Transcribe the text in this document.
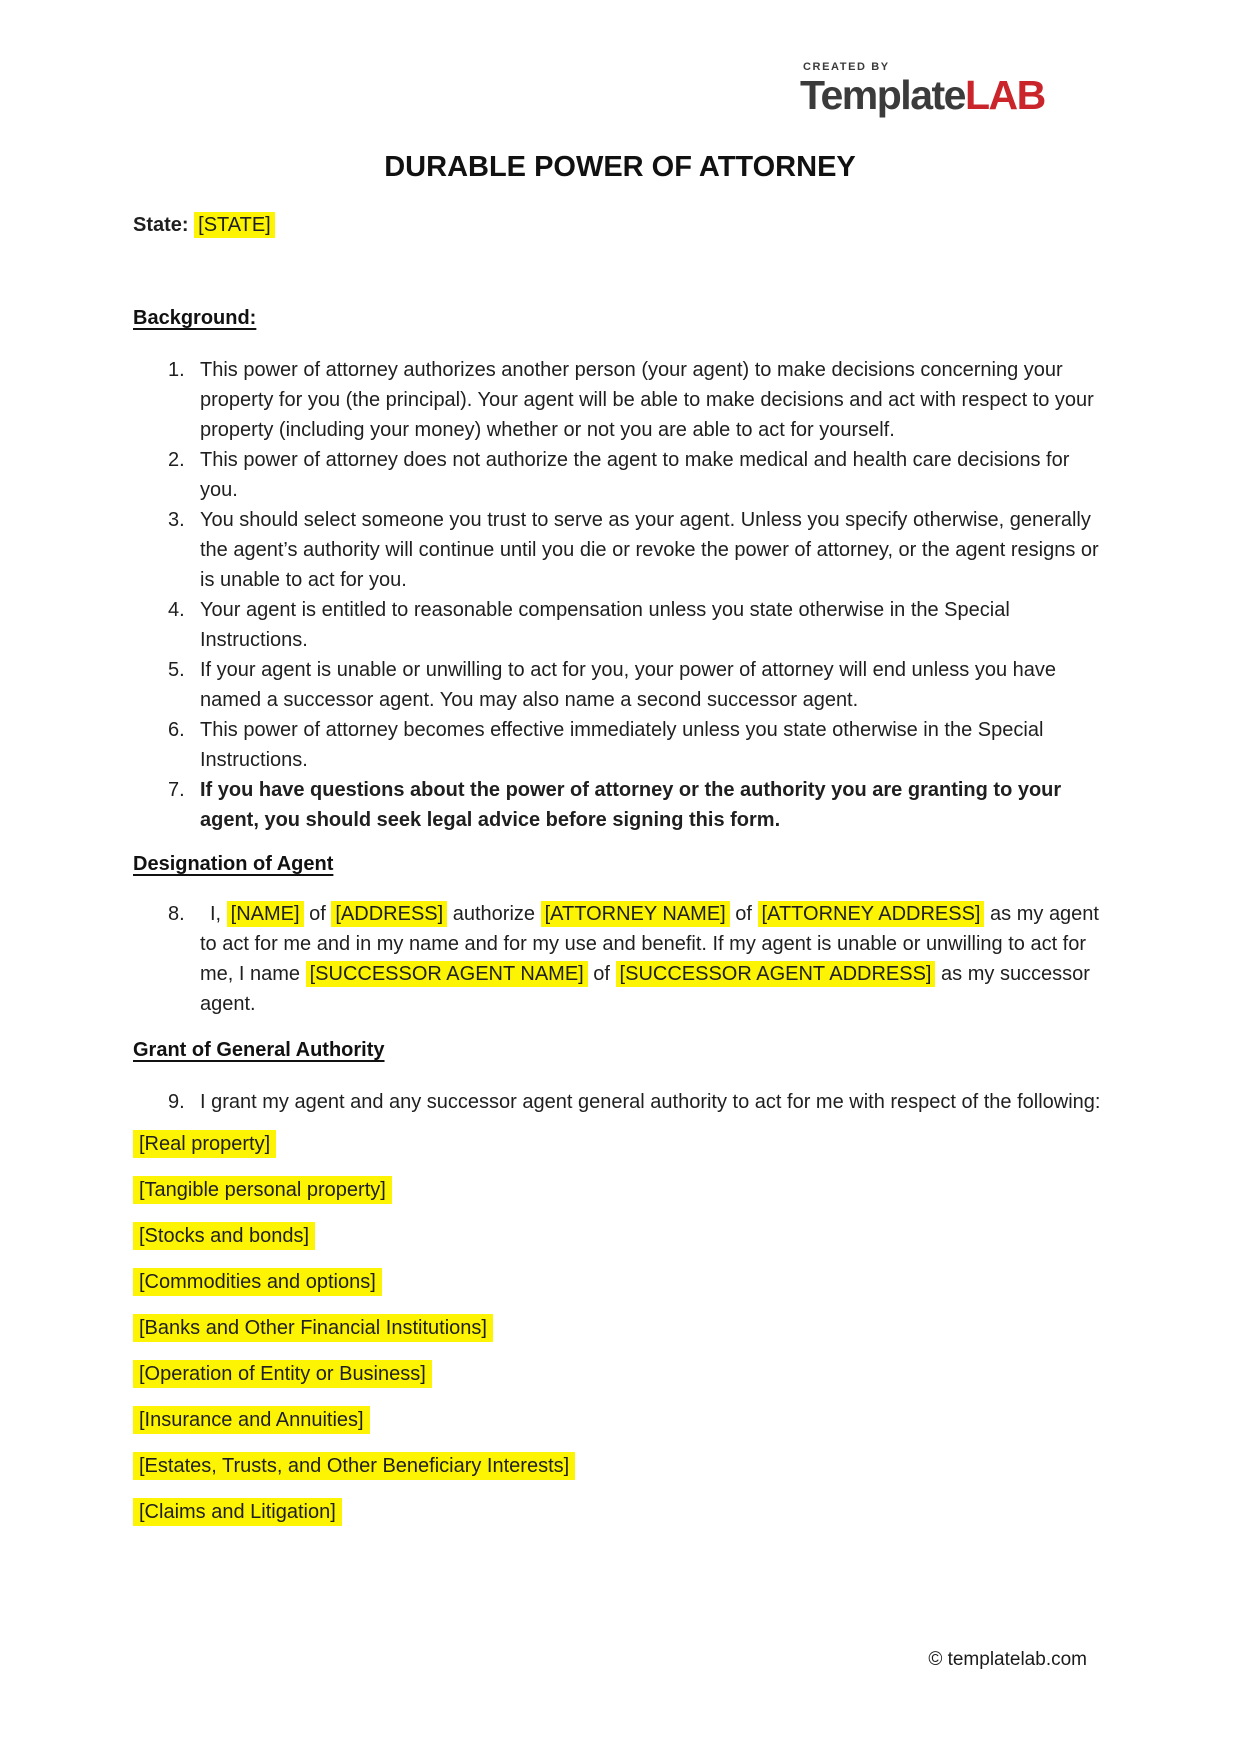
CREATED BY
TemplateLAB
DURABLE POWER OF ATTORNEY
State: [STATE]
Background:
1. This power of attorney authorizes another person (your agent) to make decisions concerning your property for you (the principal). Your agent will be able to make decisions and act with respect to your property (including your money) whether or not you are able to act for yourself.
2. This power of attorney does not authorize the agent to make medical and health care decisions for you.
3. You should select someone you trust to serve as your agent. Unless you specify otherwise, generally the agent’s authority will continue until you die or revoke the power of attorney, or the agent resigns or is unable to act for you.
4. Your agent is entitled to reasonable compensation unless you state otherwise in the Special Instructions.
5. If your agent is unable or unwilling to act for you, your power of attorney will end unless you have named a successor agent. You may also name a second successor agent.
6. This power of attorney becomes effective immediately unless you state otherwise in the Special Instructions.
7. If you have questions about the power of attorney or the authority you are granting to your agent, you should seek legal advice before signing this form.
Designation of Agent
8.	I, [NAME] of [ADDRESS] authorize [ATTORNEY NAME] of [ATTORNEY ADDRESS] as my agent to act for me and in my name and for my use and benefit. If my agent is unable or unwilling to act for me, I name [SUCCESSOR AGENT NAME] of [SUCCESSOR AGENT ADDRESS] as my successor agent.
Grant of General Authority
9. I grant my agent and any successor agent general authority to act for me with respect of the following:
[Real property]
[Tangible personal property]
[Stocks and bonds]
[Commodities and options]
[Banks and Other Financial Institutions]
[Operation of Entity or Business]
[Insurance and Annuities]
[Estates, Trusts, and Other Beneficiary Interests]
[Claims and Litigation]
© templatelab.com
